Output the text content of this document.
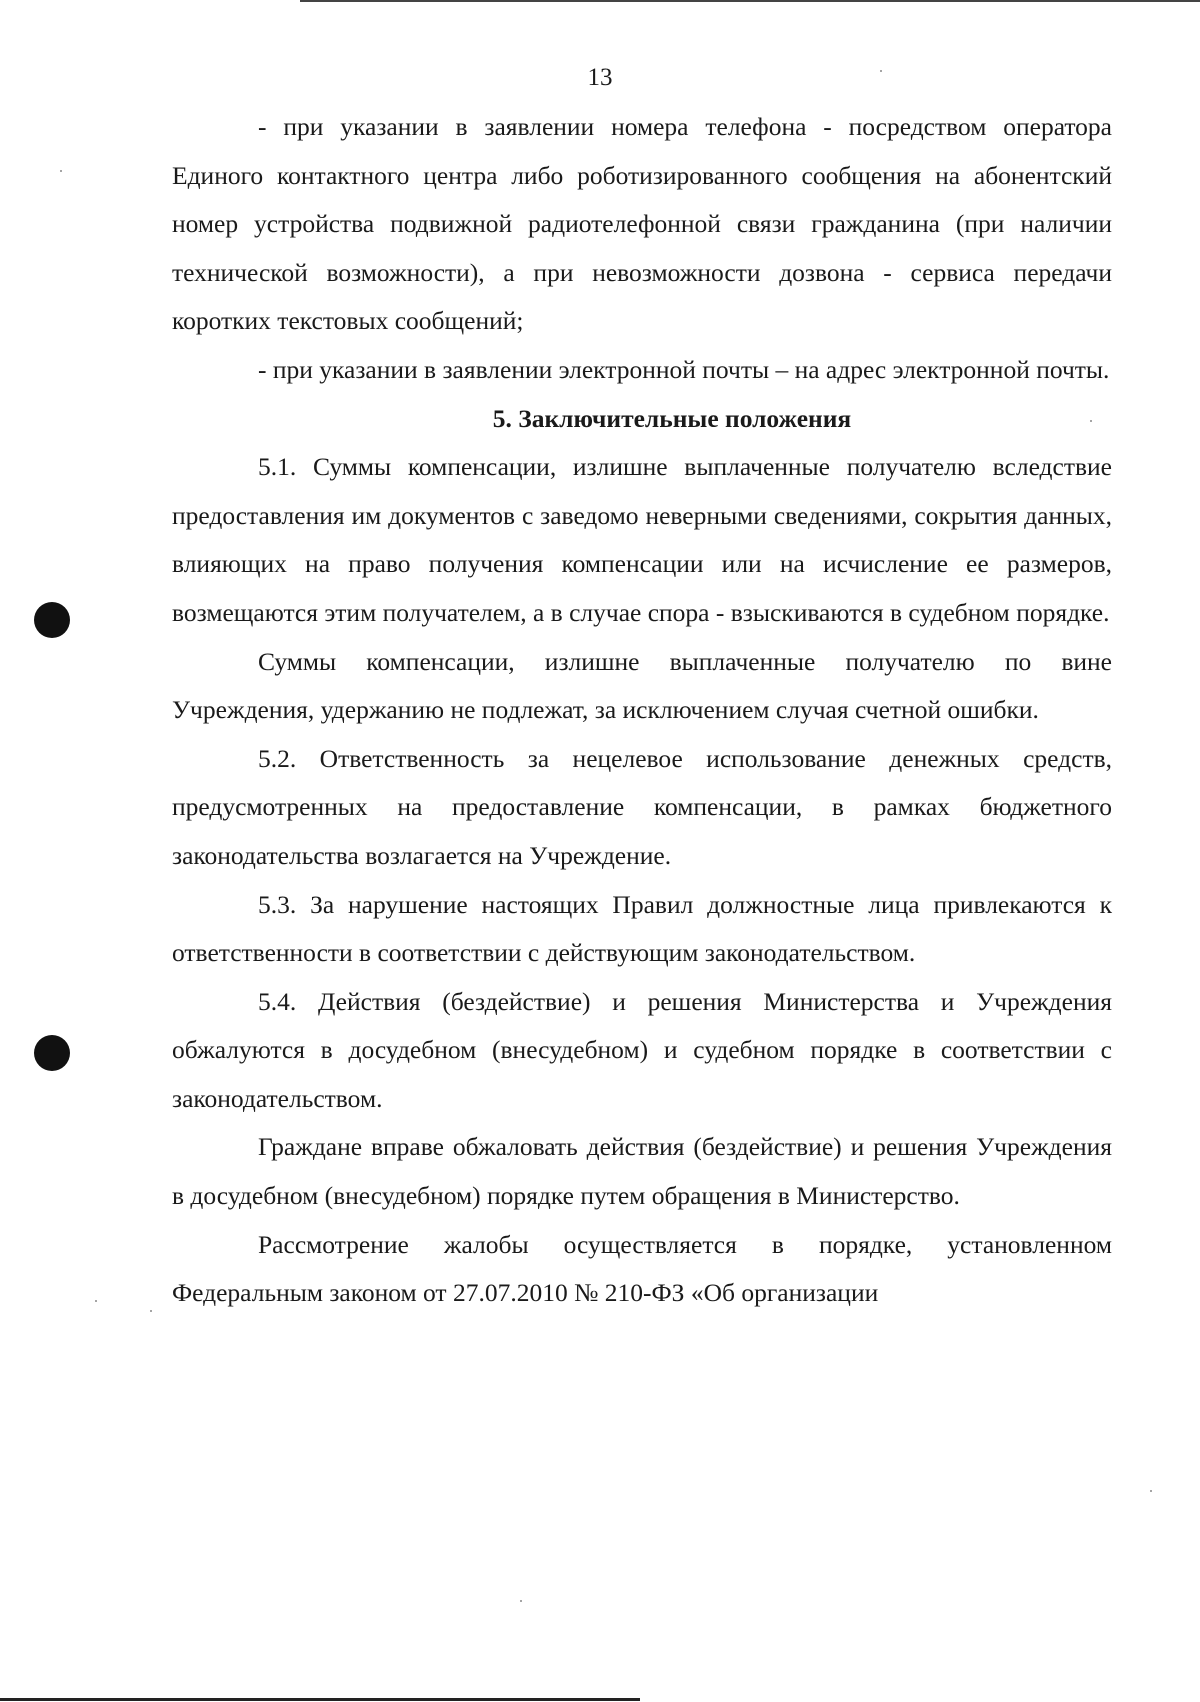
13

- при указании в заявлении номера телефона - посредством оператора Единого контактного центра либо роботизированного сообщения на абонентский номер устройства подвижной радиотелефонной связи гражданина (при наличии технической возможности), а при невозможности дозвона - сервиса передачи коротких текстовых сообщений;

- при указании в заявлении электронной почты – на адрес электронной почты.

5. Заключительные положения

5.1. Суммы компенсации, излишне выплаченные получателю вследствие предоставления им документов с заведомо неверными сведениями, сокрытия данных, влияющих на право получения компенсации или на исчисление ее размеров, возмещаются этим получателем, а в случае спора - взыскиваются в судебном порядке.

Суммы компенсации, излишне выплаченные получателю по вине Учреждения, удержанию не подлежат, за исключением случая счетной ошибки.

5.2. Ответственность за нецелевое использование денежных средств, предусмотренных на предоставление компенсации, в рамках бюджетного законодательства возлагается на Учреждение.

5.3. За нарушение настоящих Правил должностные лица привлекаются к ответственности в соответствии с действующим законодательством.

5.4. Действия (бездействие) и решения Министерства и Учреждения обжалуются в досудебном (внесудебном) и судебном порядке в соответствии с законодательством.

Граждане вправе обжаловать действия (бездействие) и решения Учреждения в досудебном (внесудебном) порядке путем обращения в Министерство.

Рассмотрение жалобы осуществляется в порядке, установленном Федеральным законом от 27.07.2010 № 210-ФЗ «Об организации
